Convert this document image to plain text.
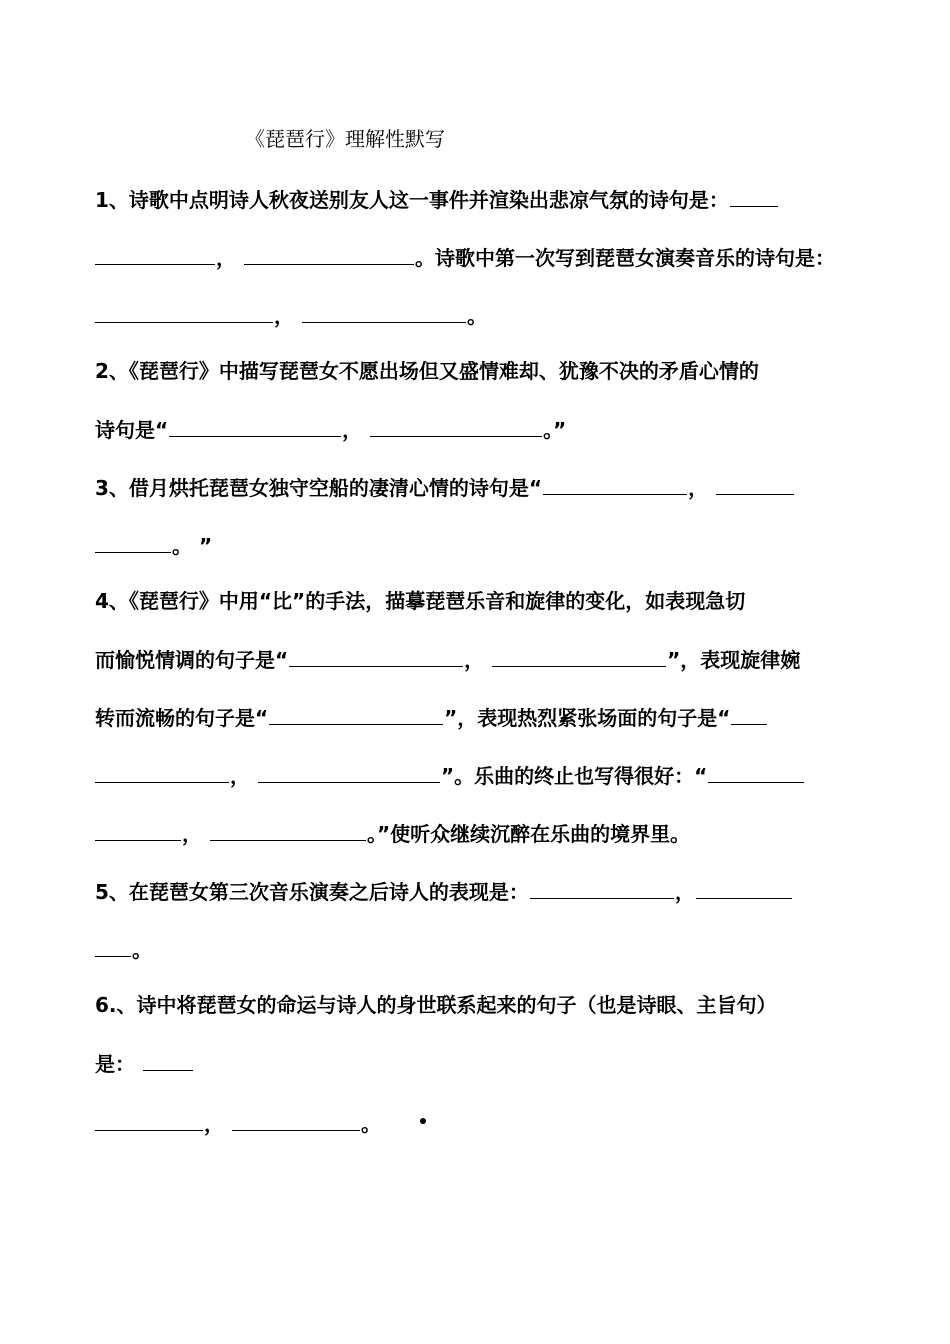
《琵琶行》理解性默写
1、诗歌中点明诗人秋夜送别友人这一事件并渲染出悲凉气氛的诗句是：
，	。诗歌中第一次写到琵琶女演奏音乐的诗句是：
，	。
2、《琵琶行》中描写琵琶女不愿出场但又盛情难却、犹豫不决的矛盾心情的
诗句是“	，	。”
3、借月烘托琵琶女独守空船的凄清心情的诗句是“	，
。 ”
4、《琵琶行》中用“比”的手法，描摹琵琶乐音和旋律的变化，如表现急切
而愉悦情调的句子是“	，	”，表现旋律婉
转而流畅的句子是“	”，表现热烈紧张场面的句子是“
，	”。乐曲的终止也写得很好：“
，	。”使听众继续沉醉在乐曲的境界里。
5、在琵琶女第三次音乐演奏之后诗人的表现是：	，
。
6.、诗中将琵琶女的命运与诗人的身世联系起来的句子（也是诗眼、主旨句）
是：
，	。
